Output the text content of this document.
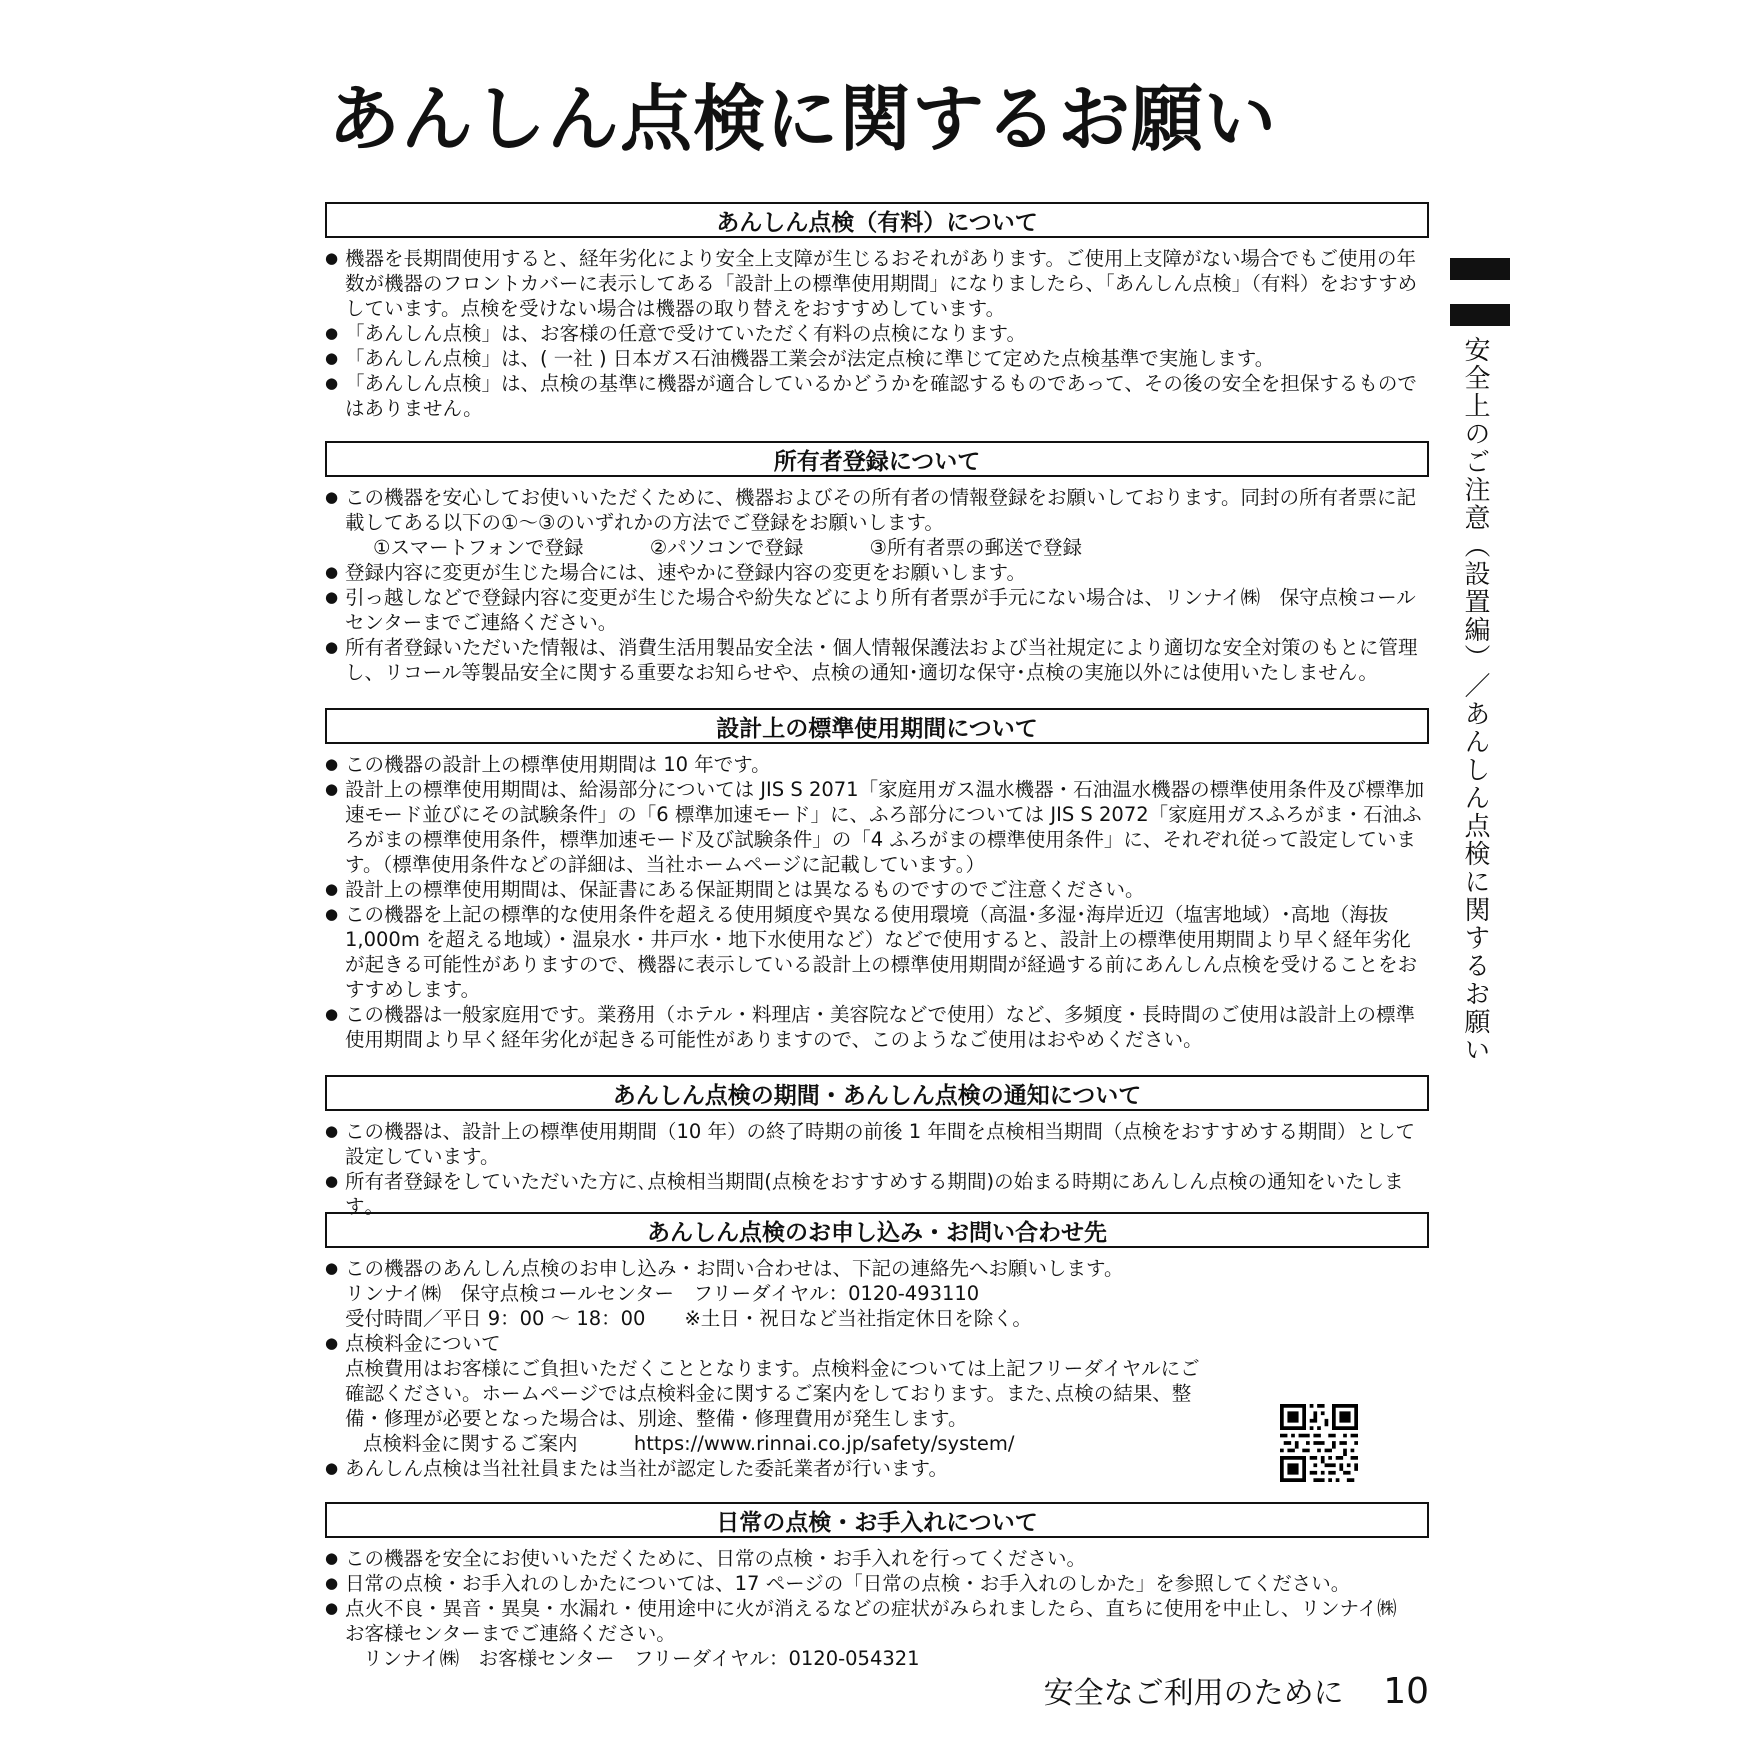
あんしん点検に関するお願い
安全上のご注意（設置編）／あんしん点検に関するお願い
あんしん点検（有料）について
● 機器を長期間使用すると、経年劣化により安全上支障が生じるおそれがあります。ご使用上支障がない場合でもご使用の年数が機器のフロントカバーに表示してある「設計上の標準使用期間」になりましたら、「あんしん点検」（有料）をおすすめしています。点検を受けない場合は機器の取り替えをおすすめしています。
● 「あんしん点検」は、お客様の任意で受けていただく有料の点検になります。
● 「あんしん点検」は、( 一社 ) 日本ガス石油機器工業会が法定点検に準じて定めた点検基準で実施します。
● 「あんしん点検」は、点検の基準に機器が適合しているかどうかを確認するものであって、その後の安全を担保するものではありません。
所有者登録について
● この機器を安心してお使いいただくために、機器およびその所有者の情報登録をお願いしております。同封の所有者票に記載してある以下の①～③のいずれかの方法でご登録をお願いします。
①スマートフォンで登録	②パソコンで登録	③所有者票の郵送で登録
● 登録内容に変更が生じた場合には、速やかに登録内容の変更をお願いします。
● 引っ越しなどで登録内容に変更が生じた場合や紛失などにより所有者票が手元にない場合は、リンナイ㈱　保守点検コールセンターまでご連絡ください。
● 所有者登録いただいた情報は、消費生活用製品安全法・個人情報保護法および当社規定により適切な安全対策のもとに管理し、リコール等製品安全に関する重要なお知らせや、点検の通知･適切な保守･点検の実施以外には使用いたしません。
設計上の標準使用期間について
● この機器の設計上の標準使用期間は 10 年です。
● 設計上の標準使用期間は、給湯部分については JIS S 2071「家庭用ガス温水機器・石油温水機器の標準使用条件及び標準加速モード並びにその試験条件」の「6 標準加速モード」に、ふろ部分については JIS S 2072「家庭用ガスふろがま・石油ふろがまの標準使用条件，標準加速モード及び試験条件」の「4 ふろがまの標準使用条件」に、それぞれ従って設定しています。（標準使用条件などの詳細は、当社ホームページに記載しています。）
● 設計上の標準使用期間は、保証書にある保証期間とは異なるものですのでご注意ください。
● この機器を上記の標準的な使用条件を超える使用頻度や異なる使用環境（高温･多湿･海岸近辺（塩害地域）･高地（海抜 1,000m を超える地域）・温泉水・井戸水・地下水使用など）などで使用すると、設計上の標準使用期間より早く経年劣化が起きる可能性がありますので、機器に表示している設計上の標準使用期間が経過する前にあんしん点検を受けることをおすすめします。
● この機器は一般家庭用です。業務用（ホテル・料理店・美容院などで使用）など、多頻度・長時間のご使用は設計上の標準使用期間より早く経年劣化が起きる可能性がありますので、このようなご使用はおやめください。
あんしん点検の期間・あんしん点検の通知について
● この機器は、設計上の標準使用期間（10 年）の終了時期の前後 1 年間を点検相当期間（点検をおすすめする期間）として設定しています。
● 所有者登録をしていただいた方に､点検相当期間(点検をおすすめする期間)の始まる時期にあんしん点検の通知をいたします｡
あんしん点検のお申し込み・お問い合わせ先
● この機器のあんしん点検のお申し込み・お問い合わせは、下記の連絡先へお願いします。
リンナイ㈱　保守点検コールセンター　フリーダイヤル：0120-493110
受付時間／平日 9：00 ～ 18：00　　※土日・祝日など当社指定休日を除く。
● 点検料金について
点検費用はお客様にご負担いただくこととなります。点検料金については上記フリーダイヤルにご確認ください。ホームページでは点検料金に関するご案内をしております。また､点検の結果、整備・修理が必要となった場合は、別途、整備・修理費用が発生します。
点検料金に関するご案内	https://www.rinnai.co.jp/safety/system/
● あんしん点検は当社社員または当社が認定した委託業者が行います。
日常の点検・お手入れについて
● この機器を安全にお使いいただくために、日常の点検・お手入れを行ってください。
● 日常の点検・お手入れのしかたについては、17 ページの「日常の点検・お手入れのしかた」を参照してください。
● 点火不良・異音・異臭・水漏れ・使用途中に火が消えるなどの症状がみられましたら、直ちに使用を中止し、リンナイ㈱　お客様センターまでご連絡ください。
リンナイ㈱　お客様センター　フリーダイヤル：0120‑054321
安全なご利用のために 10
